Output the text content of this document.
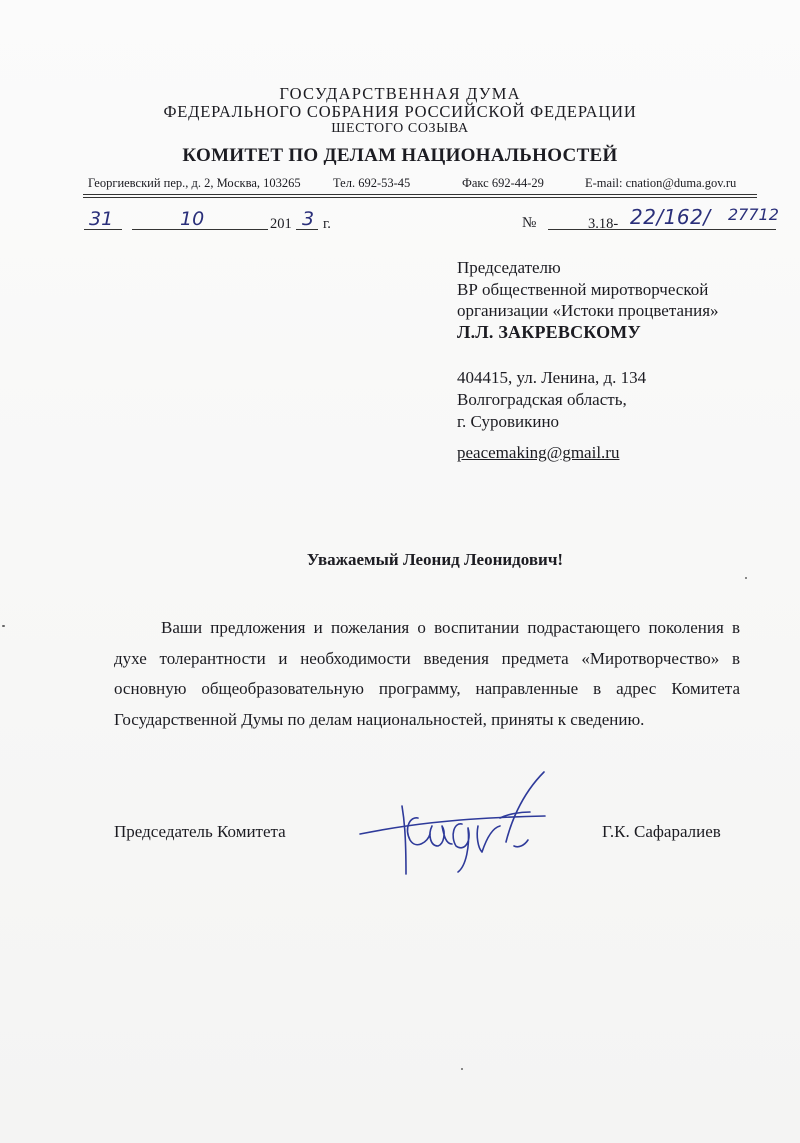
ГОСУДАРСТВЕННАЯ ДУМА
ФЕДЕРАЛЬНОГО СОБРАНИЯ РОССИЙСКОЙ ФЕДЕРАЦИИ
ШЕСТОГО СОЗЫВА
КОМИТЕТ ПО ДЕЛАМ НАЦИОНАЛЬНОСТЕЙ
Георгиевский пер., д. 2, Москва, 103265	Тел. 692-53-45	Факс 692-44-29	E-mail: cnation@duma.gov.ru
31	10	201 3 г.	№	3.18- 22/162/ 27712
Председателю
ВР общественной миротворческой
организации «Истоки процветания»
Л.Л. ЗАКРЕВСКОМУ
404415, ул. Ленина, д. 134
Волгоградская область,
г. Суровикино
peacemaking@gmail.ru
Уважаемый Леонид Леонидович!

Ваши предложения и пожелания о воспитании подрастающего поколения в духе толерантности и необходимости введения предмета «Миротворчество» в основную общеобразовательную программу, направленные в адрес Комитета Государственной Думы по делам национальностей, приняты к сведению.

Председатель Комитета	Г.К. Сафаралиев
